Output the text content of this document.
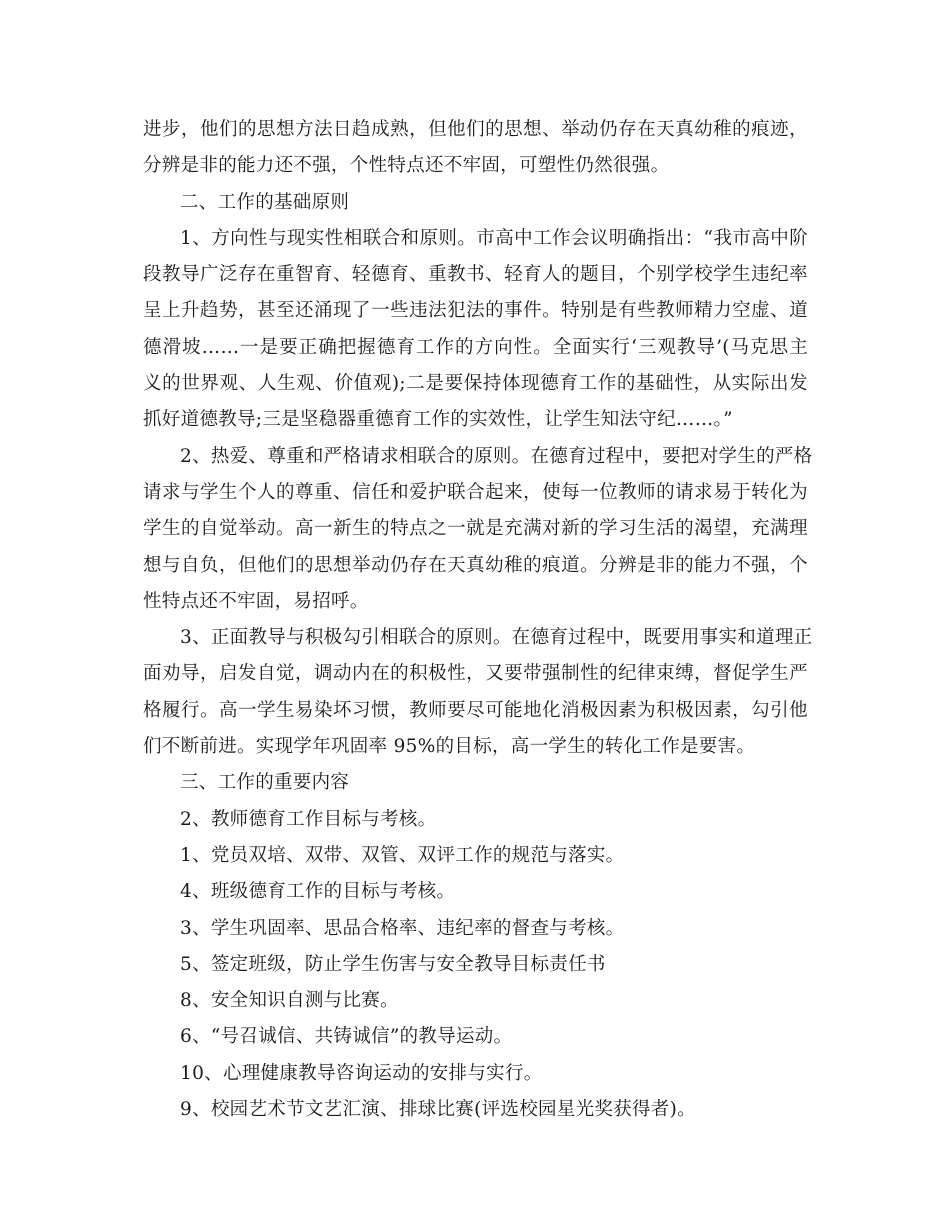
进步，他们的思想方法日趋成熟，但他们的思想、举动仍存在天真幼稚的痕迹，
分辨是非的能力还不强，个性特点还不牢固，可塑性仍然很强。
二、工作的基础原则
1、方向性与现实性相联合和原则。市高中工作会议明确指出：“我市高中阶
段教导广泛存在重智育、轻德育、重教书、轻育人的题目，个别学校学生违纪率
呈上升趋势，甚至还涌现了一些违法犯法的事件。特别是有些教师精力空虚、道
德滑坡……一是要正确把握德育工作的方向性。全面实行‘三观教导’(马克思主
义的世界观、人生观、价值观);二是要保持体现德育工作的基础性，从实际出发
抓好道德教导;三是坚稳器重德育工作的实效性，让学生知法守纪……。”
2、热爱、尊重和严格请求相联合的原则。在德育过程中，要把对学生的严格
请求与学生个人的尊重、信任和爱护联合起来，使每一位教师的请求易于转化为
学生的自觉举动。高一新生的特点之一就是充满对新的学习生活的渴望，充满理
想与自负，但他们的思想举动仍存在天真幼稚的痕道。分辨是非的能力不强，个
性特点还不牢固，易招呼。
3、正面教导与积极勾引相联合的原则。在德育过程中，既要用事实和道理正
面劝导，启发自觉，调动内在的积极性，又要带强制性的纪律束缚，督促学生严
格履行。高一学生易染坏习惯，教师要尽可能地化消极因素为积极因素，勾引他
们不断前进。实现学年巩固率 95%的目标，高一学生的转化工作是要害。
三、工作的重要内容
2、教师德育工作目标与考核。
1、党员双培、双带、双管、双评工作的规范与落实。
4、班级德育工作的目标与考核。
3、学生巩固率、思品合格率、违纪率的督查与考核。
5、签定班级，防止学生伤害与安全教导目标责任书
8、安全知识自测与比赛。
6、“号召诚信、共铸诚信”的教导运动。
10、心理健康教导咨询运动的安排与实行。
9、校园艺术节文艺汇演、排球比赛(评选校园星光奖获得者)。
